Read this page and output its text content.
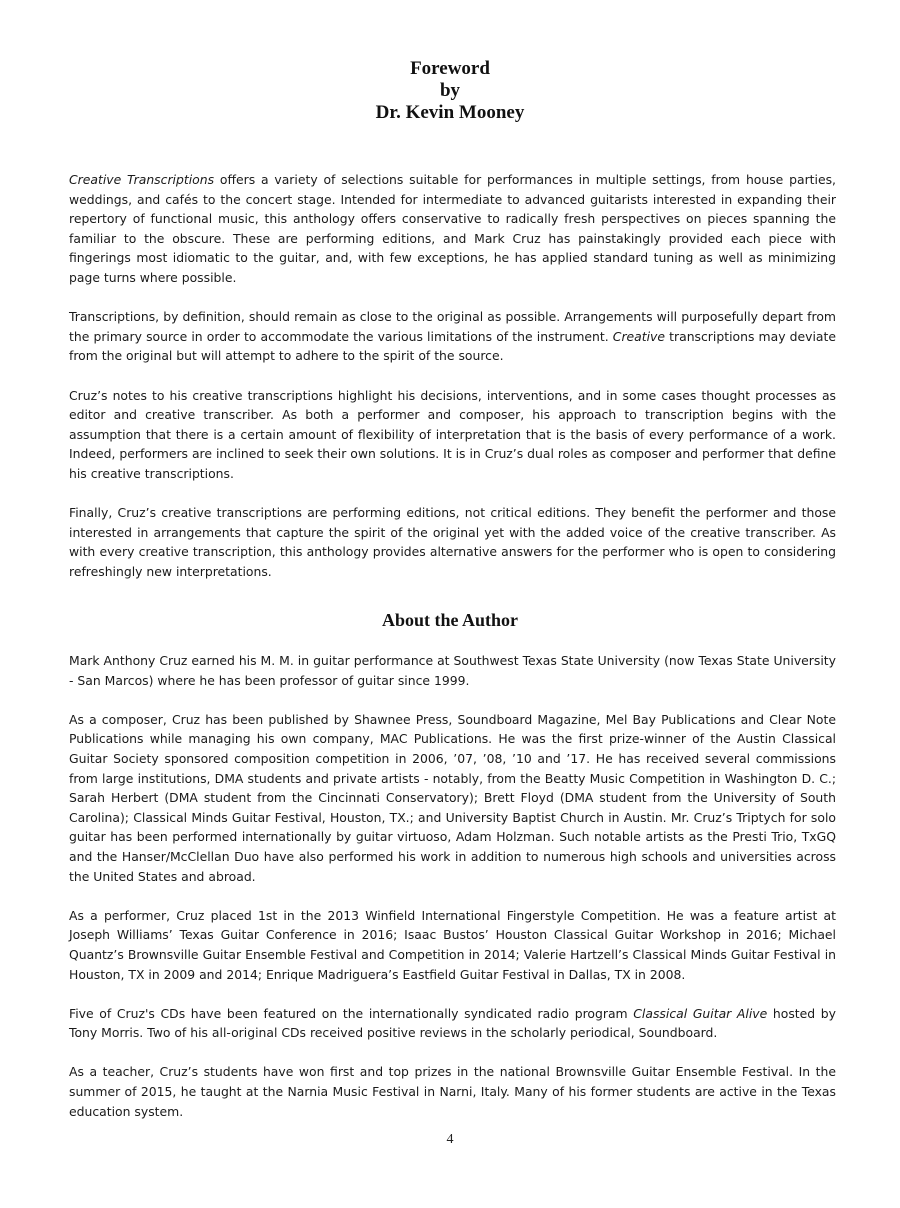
Foreword
by
Dr. Kevin Mooney

Creative Transcriptions offers a variety of selections suitable for performances in multiple settings, from house parties, weddings, and cafés to the concert stage. Intended for intermediate to advanced guitarists interested in expanding their repertory of functional music, this anthology offers conservative to radically fresh perspectives on pieces spanning the familiar to the obscure. These are performing editions, and Mark Cruz has painstakingly provided each piece with fingerings most idiomatic to the guitar, and, with few exceptions, he has applied standard tuning as well as minimizing page turns where possible.

Transcriptions, by definition, should remain as close to the original as possible. Arrangements will purposefully depart from the primary source in order to accommodate the various limitations of the instrument. Creative transcriptions may deviate from the original but will attempt to adhere to the spirit of the source.

Cruz’s notes to his creative transcriptions highlight his decisions, interventions, and in some cases thought processes as editor and creative transcriber. As both a performer and composer, his approach to transcription begins with the assumption that there is a certain amount of flexibility of interpretation that is the basis of every performance of a work. Indeed, performers are inclined to seek their own solutions. It is in Cruz’s dual roles as composer and performer that define his creative transcriptions.

Finally, Cruz’s creative transcriptions are performing editions, not critical editions. They benefit the performer and those interested in arrangements that capture the spirit of the original yet with the added voice of the creative transcriber. As with every creative transcription, this anthology provides alternative answers for the performer who is open to considering refreshingly new interpretations.

About the Author

Mark Anthony Cruz earned his M. M. in guitar performance at Southwest Texas State University (now Texas State University - San Marcos) where he has been professor of guitar since 1999.

As a composer, Cruz has been published by Shawnee Press, Soundboard Magazine, Mel Bay Publications and Clear Note Publications while managing his own company, MAC Publications. He was the first prize-winner of the Austin Classical Guitar Society sponsored composition competition in 2006, ’07, ’08, ’10 and ’17. He has received several commissions from large institutions, DMA students and private artists - notably, from the Beatty Music Competition in Washington D. C.; Sarah Herbert (DMA student from the Cincinnati Conservatory); Brett Floyd (DMA student from the University of South Carolina); Classical Minds Guitar Festival, Houston, TX.; and University Baptist Church in Austin. Mr. Cruz’s Triptych for solo guitar has been performed internationally by guitar virtuoso, Adam Holzman. Such notable artists as the Presti Trio, TxGQ and the Hanser/McClellan Duo have also performed his work in addition to numerous high schools and universities across the United States and abroad.

As a performer, Cruz placed 1st in the 2013 Winfield International Fingerstyle Competition. He was a feature artist at Joseph Williams’ Texas Guitar Conference in 2016; Isaac Bustos’ Houston Classical Guitar Workshop in 2016; Michael Quantz’s Brownsville Guitar Ensemble Festival and Competition in 2014; Valerie Hartzell’s Classical Minds Guitar Festival in Houston, TX in 2009 and 2014; Enrique Madriguera’s Eastfield Guitar Festival in Dallas, TX in 2008.

Five of Cruz's CDs have been featured on the internationally syndicated radio program Classical Guitar Alive hosted by Tony Morris. Two of his all-original CDs received positive reviews in the scholarly periodical, Soundboard.

As a teacher, Cruz’s students have won first and top prizes in the national Brownsville Guitar Ensemble Festival. In the summer of 2015, he taught at the Narnia Music Festival in Narni, Italy. Many of his former students are active in the Texas education system.

4
